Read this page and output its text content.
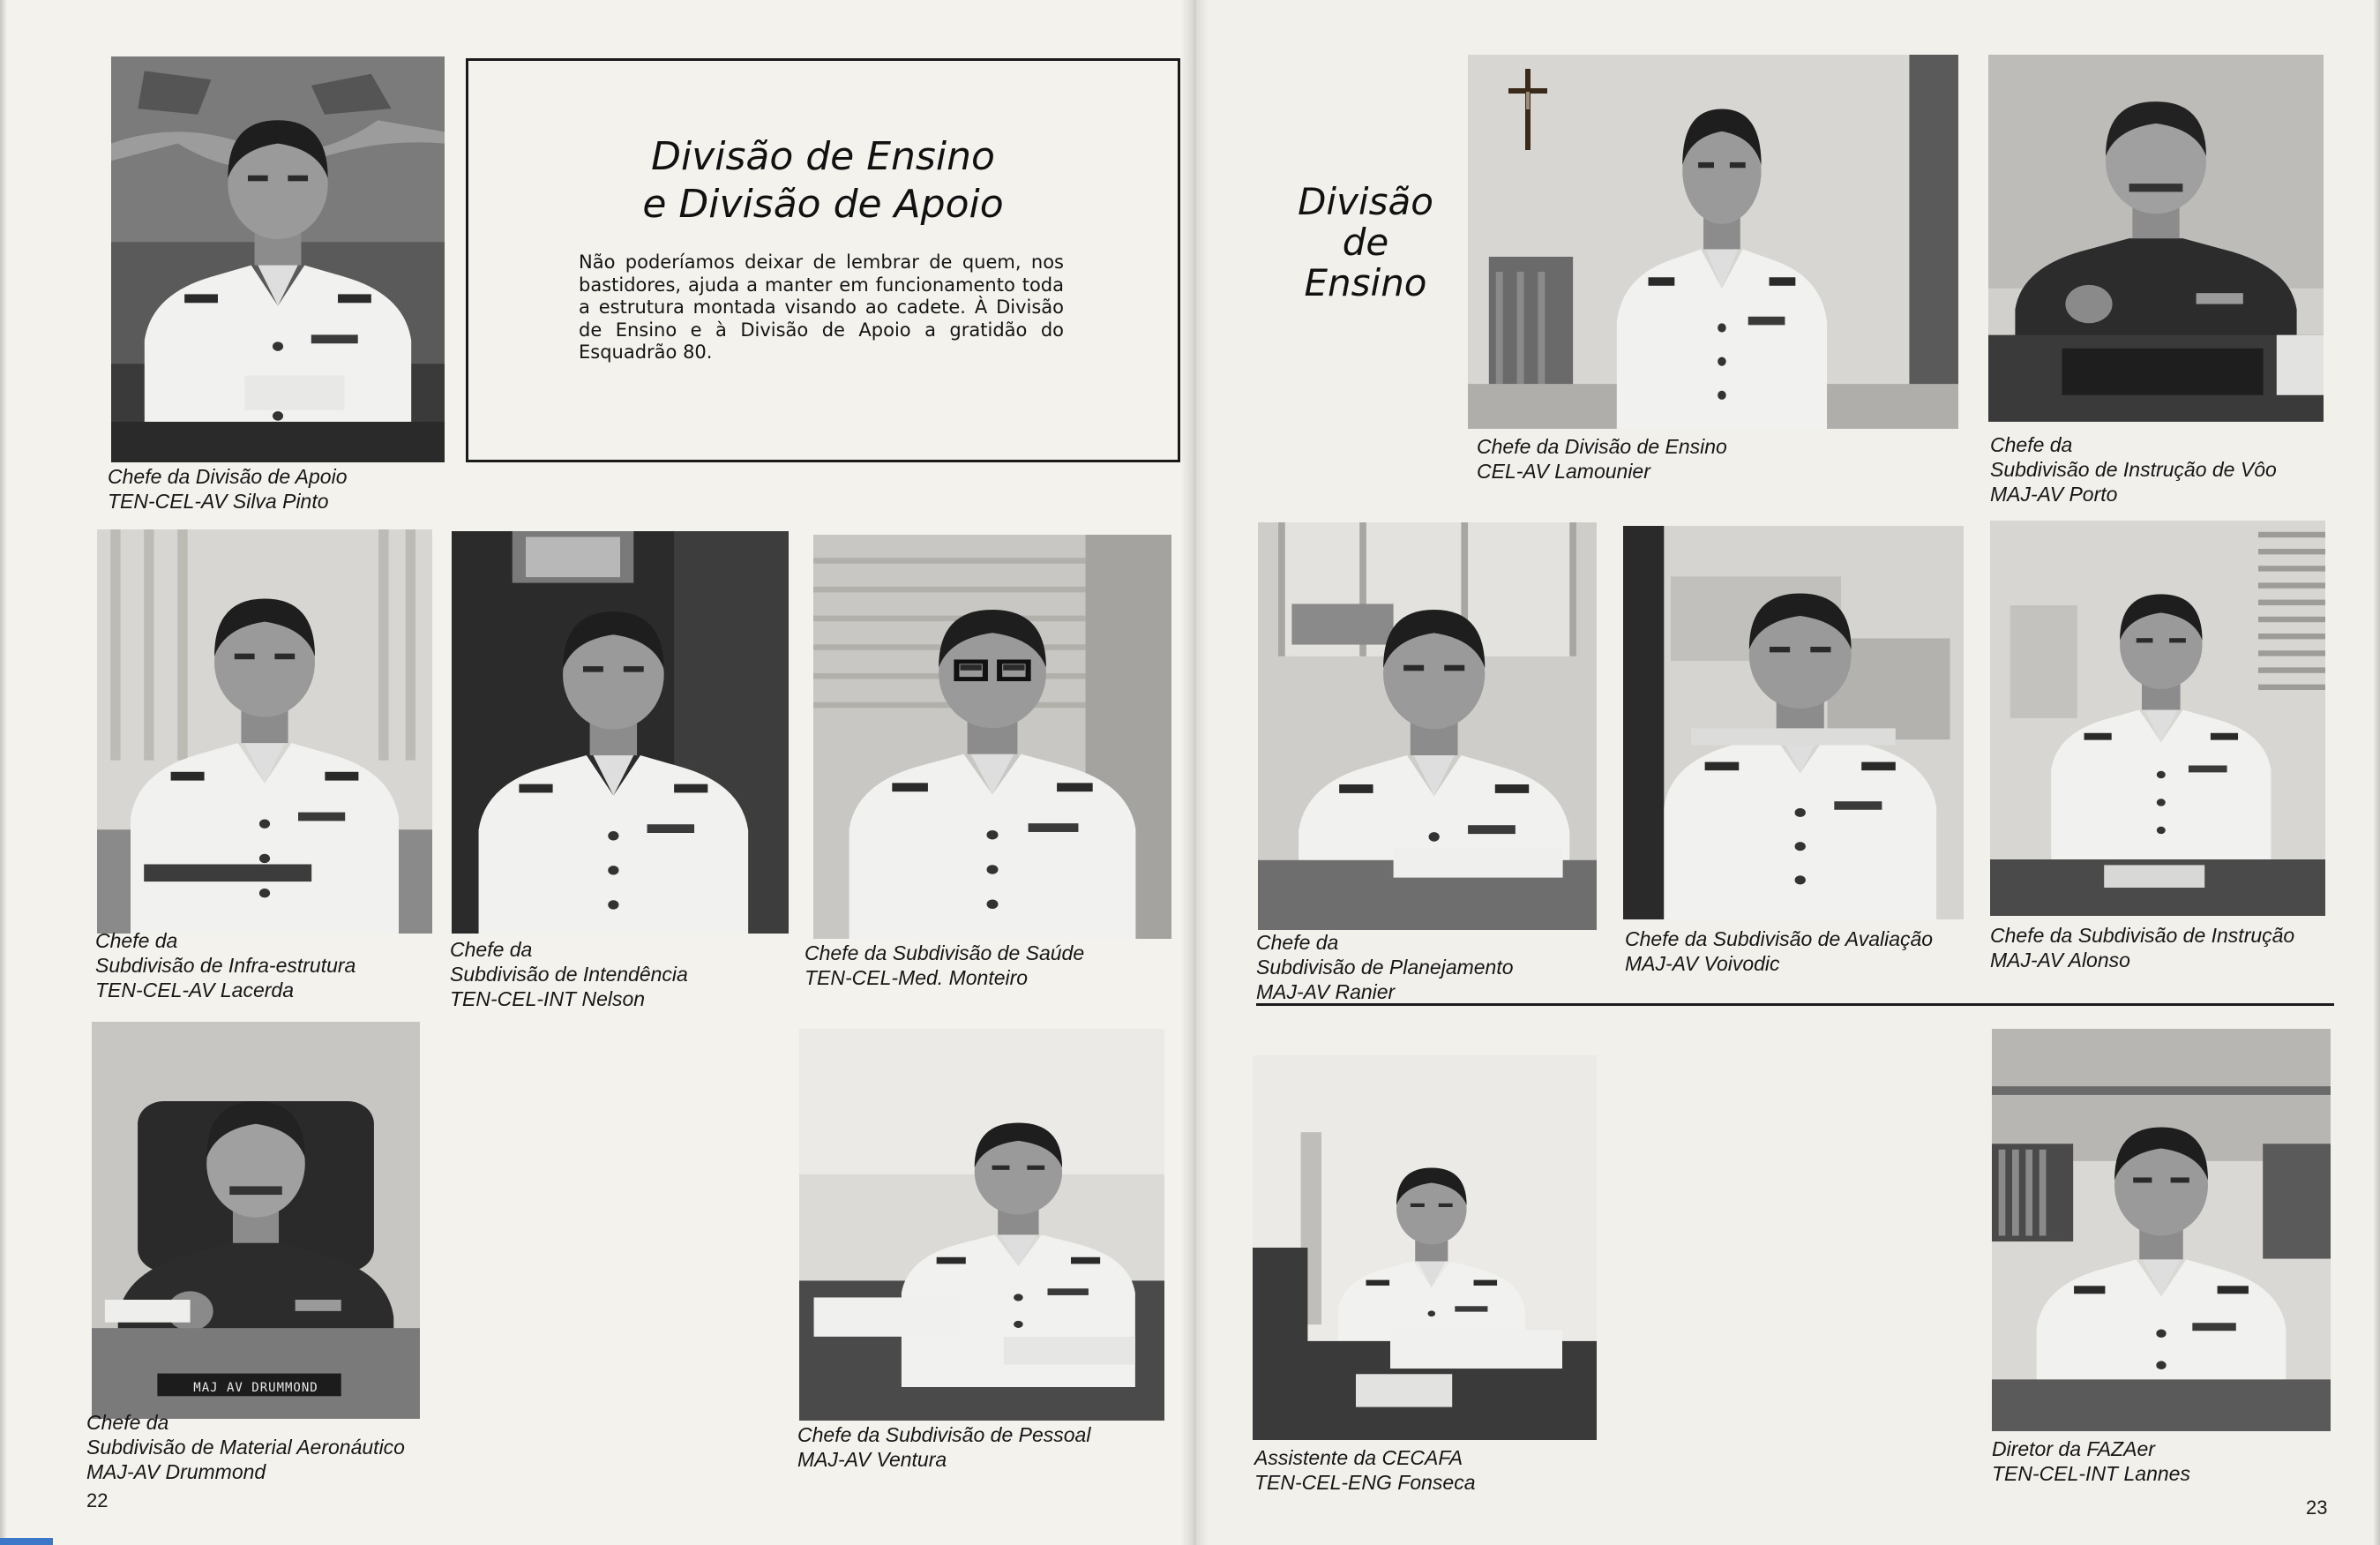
Chefe da Divisão de Apoio
TEN-CEL-AV Silva Pinto

Divisão de Ensino
e Divisão de Apoio

Não poderíamos deixar de lembrar de quem, nos bastidores, ajuda a manter em funcionamento toda a estrutura montada visando ao cadete. À Divisão de Ensino e à Divisão de Apoio a gratidão do Esquadrão 80.

Chefe da
Subdivisão de Infra-estrutura
TEN-CEL-AV Lacerda

Chefe da
Subdivisão de Intendência
TEN-CEL-INT Nelson

Chefe da Subdivisão de Saúde
TEN-CEL-Med. Monteiro

MAJ AV DRUMMOND

Chefe da
Subdivisão de Material Aeronáutico
MAJ-AV Drummond

Chefe da Subdivisão de Pessoal
MAJ-AV Ventura

22
Divisão
de
Ensino

Chefe da Divisão de Ensino
CEL-AV Lamounier

Chefe da
Subdivisão de Instrução de Vôo
MAJ-AV Porto

Chefe da
Subdivisão de Planejamento
MAJ-AV Ranier

Chefe da Subdivisão de Avaliação
MAJ-AV Voivodic

Chefe da Subdivisão de Instrução
MAJ-AV Alonso

Assistente da CECAFA
TEN-CEL-ENG Fonseca

Diretor da FAZAer
TEN-CEL-INT Lannes

23
